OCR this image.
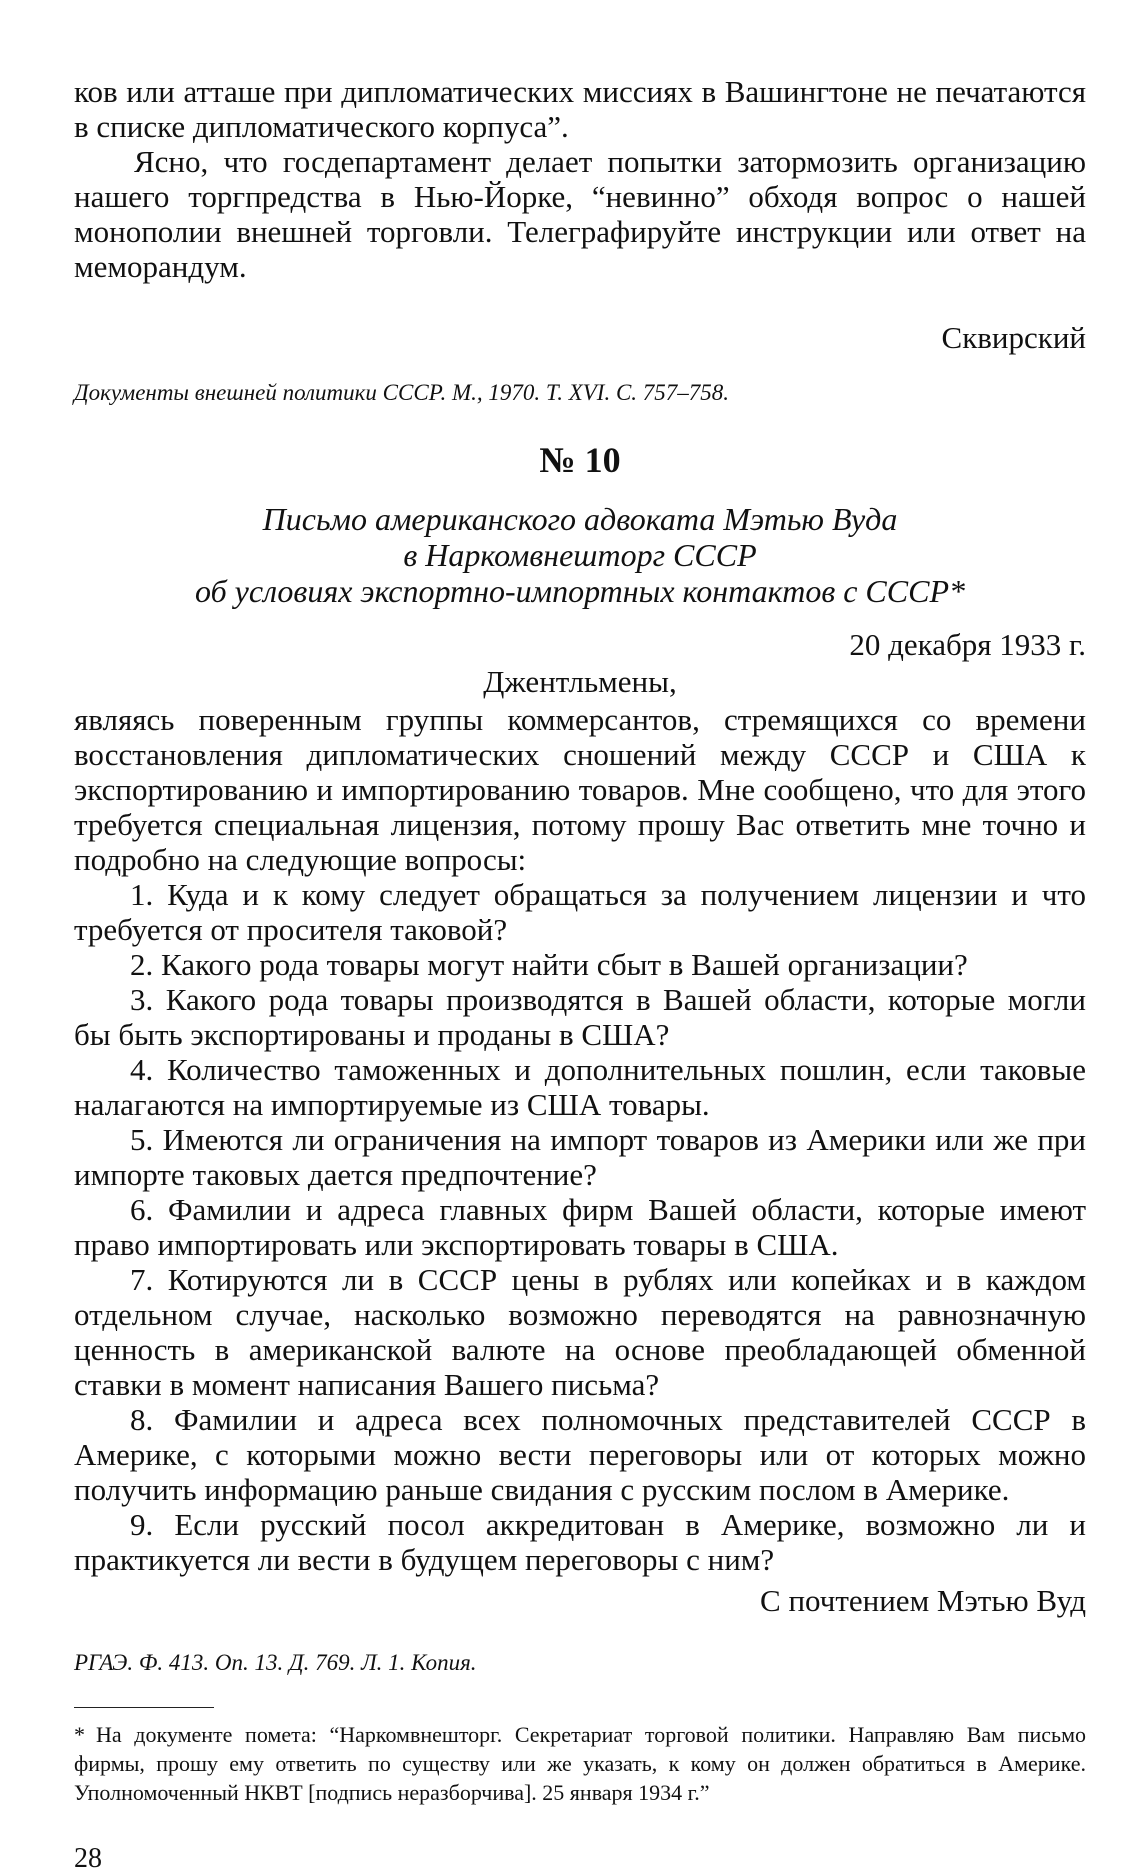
ков или атташе при дипломатических миссиях в Вашингтоне не печатаются в списке дипломатического корпуса”.

Ясно, что госдепартамент делает попытки затормозить организацию нашего торгпредства в Нью-Йорке, “невинно” обходя вопрос о нашей монополии внешней торговли. Телеграфируйте инструкции или ответ на меморандум.

Сквирский

Документы внешней политики СССР. М., 1970. Т. XVI. С. 757–758.

№ 10
Письмо американского адвоката Мэтью Вуда
в Наркомвнешторг СССР
об условиях экспортно-импортных контактов с СССР*
20 декабря 1933 г.
Джентльмены,

являясь поверенным группы коммерсантов, стремящихся со времени восстановления дипломатических сношений между СССР и США к экспортированию и импортированию товаров. Мне сообщено, что для этого требуется специальная лицензия, потому прошу Вас ответить мне точно и подробно на следующие вопросы:

1. Куда и к кому следует обращаться за получением лицензии и что требуется от просителя таковой?

2. Какого рода товары могут найти сбыт в Вашей организации?

3. Какого рода товары производятся в Вашей области, которые могли бы быть экспортированы и проданы в США?

4. Количество таможенных и дополнительных пошлин, если таковые налагаются на импортируемые из США товары.

5. Имеются ли ограничения на импорт товаров из Америки или же при импорте таковых дается предпочтение?

6. Фамилии и адреса главных фирм Вашей области, которые имеют право импортировать или экспортировать товары в США.

7. Котируются ли в СССР цены в рублях или копейках и в каждом отдельном случае, насколько возможно переводятся на равнозначную ценность в американской валюте на основе преобладающей обменной ставки в момент написания Вашего письма?

8. Фамилии и адреса всех полномочных представителей СССР в Америке, с которыми можно вести переговоры или от которых можно получить информацию раньше свидания с русским послом в Америке.

9. Если русский посол аккредитован в Америке, возможно ли и практикуется ли вести в будущем переговоры с ним?

С почтением Мэтью Вуд

РГАЭ. Ф. 413. Оп. 13. Д. 769. Л. 1. Копия.

* На документе помета: “Наркомвнешторг. Секретариат торговой политики. Направляю Вам письмо фирмы, прошу ему ответить по существу или же указать, к кому он должен обратиться в Америке. Уполномоченный НКВТ [подпись неразборчива]. 25 января 1934 г.”

28
